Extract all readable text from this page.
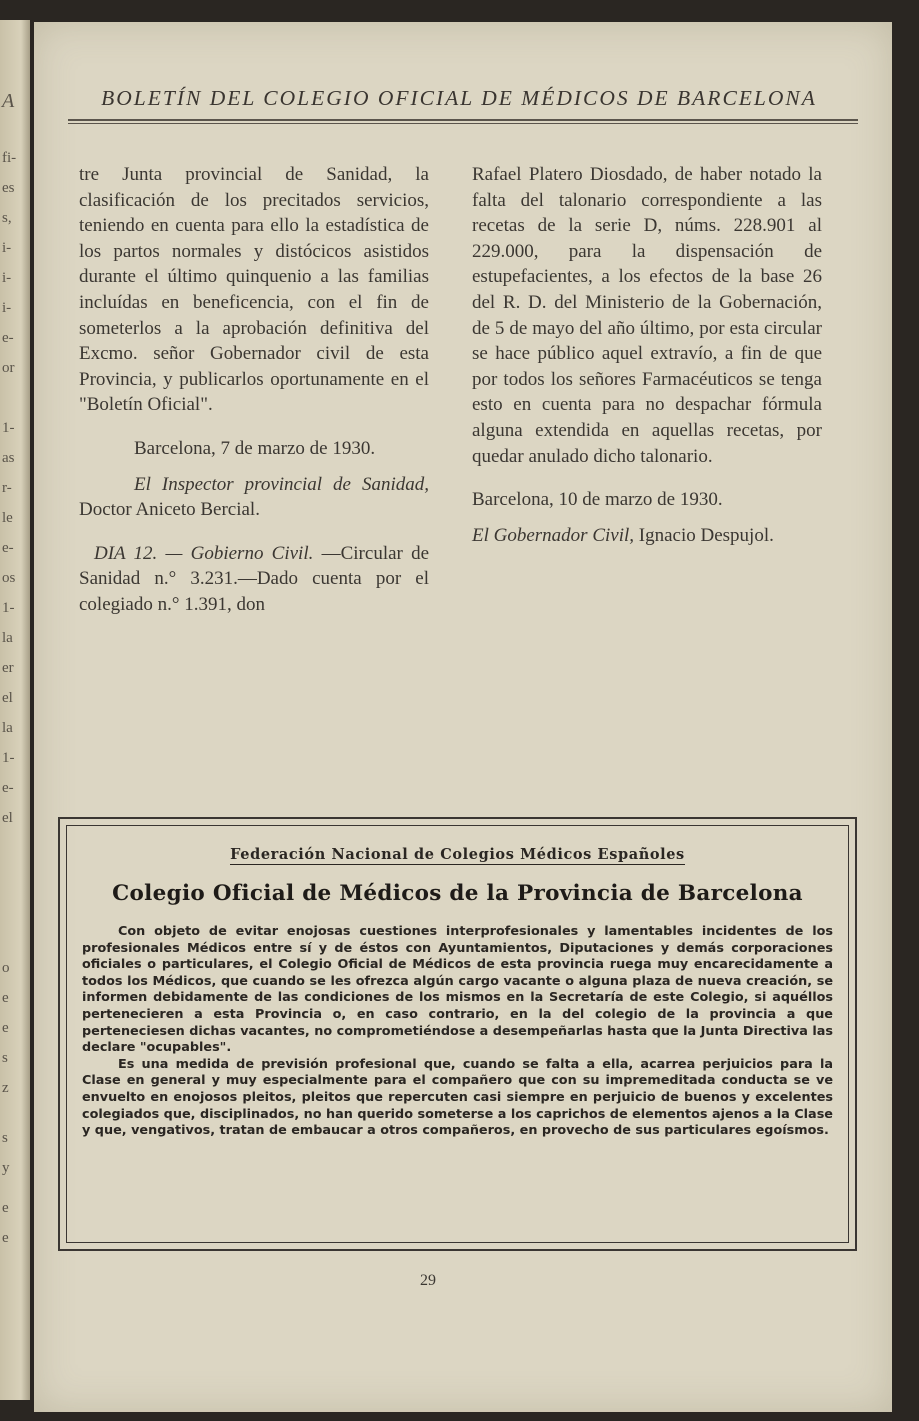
A
fi-
es
s,
i-
i-
i-
e-
or
1-
as
r-
le
e-
os
1-
la
er
el
la
1-
e-
el
o
e
e
s
z
s
y
e
e
BOLETÍN DEL COLEGIO OFICIAL DE MÉDICOS DE BARCELONA

tre Junta provincial de Sanidad, la clasificación de los precitados servicios, teniendo en cuenta para ello la estadística de los partos normales y distócicos asistidos durante el último quinquenio a las familias incluídas en beneficencia, con el fin de someterlos a la aprobación definitiva del Excmo. señor Gobernador civil de esta Provincia, y publicarlos oportunamente en el "Boletín Oficial".

Barcelona, 7 de marzo de 1930.

El Inspector provincial de Sanidad, Doctor Aniceto Bercial.

DIA 12. — Gobierno Civil. —Circular de Sanidad n.° 3.231.—Dado cuenta por el colegiado n.° 1.391, don

Rafael Platero Diosdado, de haber notado la falta del talonario correspondiente a las recetas de la serie D, núms. 228.901 al 229.000, para la dispensación de estupefacientes, a los efectos de la base 26 del R. D. del Ministerio de la Gobernación, de 5 de mayo del año último, por esta circular se hace público aquel extravío, a fin de que por todos los señores Farmacéuticos se tenga esto en cuenta para no despachar fórmula alguna extendida en aquellas recetas, por quedar anulado dicho talonario.

Barcelona, 10 de marzo de 1930.

El Gobernador Civil, Ignacio Despujol.

Federación Nacional de Colegios Médicos Españoles
Colegio Oficial de Médicos de la Provincia de Barcelona

Con objeto de evitar enojosas cuestiones interprofesionales y lamentables incidentes de los profesionales Médicos entre sí y de éstos con Ayuntamientos, Diputaciones y demás corporaciones oficiales o particulares, el Colegio Oficial de Médicos de esta provincia ruega muy encarecidamente a todos los Médicos, que cuando se les ofrezca algún cargo vacante o alguna plaza de nueva creación, se informen debidamente de las condiciones de los mismos en la Secretaría de este Colegio, si aquéllos pertenecieren a esta Provincia o, en caso contrario, en la del colegio de la provincia a que perteneciesen dichas vacantes, no comprometiéndose a desempeñarlas hasta que la Junta Directiva las declare "ocupables".

Es una medida de previsión profesional que, cuando se falta a ella, acarrea perjuicios para la Clase en general y muy especialmente para el compañero que con su impremeditada conducta se ve envuelto en enojosos pleitos, pleitos que repercuten casi siempre en perjuicio de buenos y excelentes colegiados que, disciplinados, no han querido someterse a los caprichos de elementos ajenos a la Clase y que, vengativos, tratan de embaucar a otros compañeros, en provecho de sus particulares egoísmos.

29
